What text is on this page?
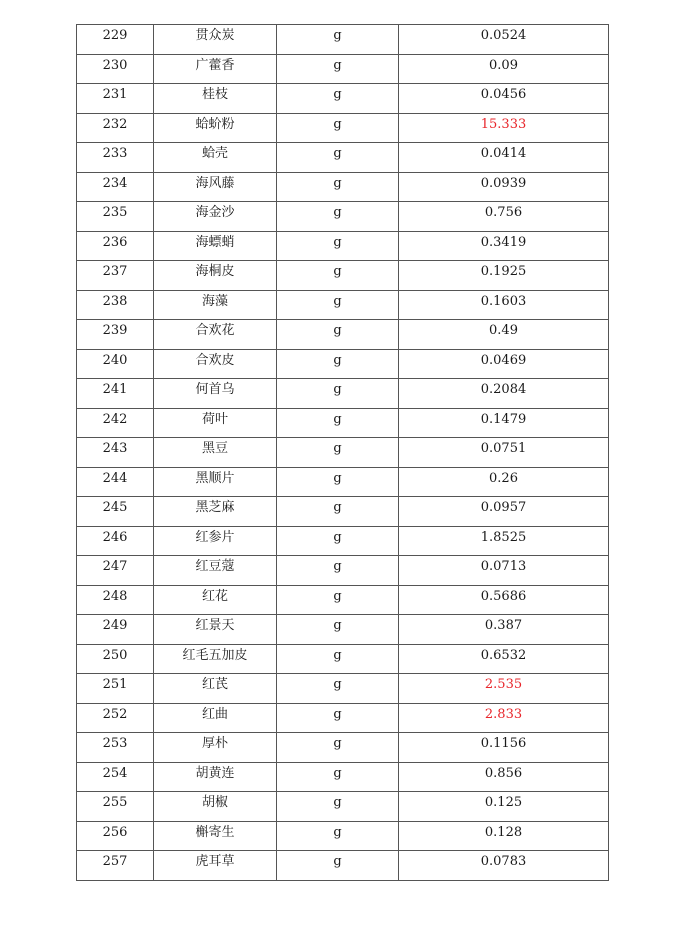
229	贯众炭	g	0.0524
230	广藿香	g	0.09
231	桂枝	g	0.0456
232	蛤蚧粉	g	15.333
233	蛤壳	g	0.0414
234	海风藤	g	0.0939
235	海金沙	g	0.756
236	海螵蛸	g	0.3419
237	海桐皮	g	0.1925
238	海藻	g	0.1603
239	合欢花	g	0.49
240	合欢皮	g	0.0469
241	何首乌	g	0.2084
242	荷叶	g	0.1479
243	黑豆	g	0.0751
244	黑顺片	g	0.26
245	黑芝麻	g	0.0957
246	红参片	g	1.8525
247	红豆蔻	g	0.0713
248	红花	g	0.5686
249	红景天	g	0.387
250	红毛五加皮	g	0.6532
251	红芪	g	2.535
252	红曲	g	2.833
253	厚朴	g	0.1156
254	胡黄连	g	0.856
255	胡椒	g	0.125
256	槲寄生	g	0.128
257	虎耳草	g	0.0783
